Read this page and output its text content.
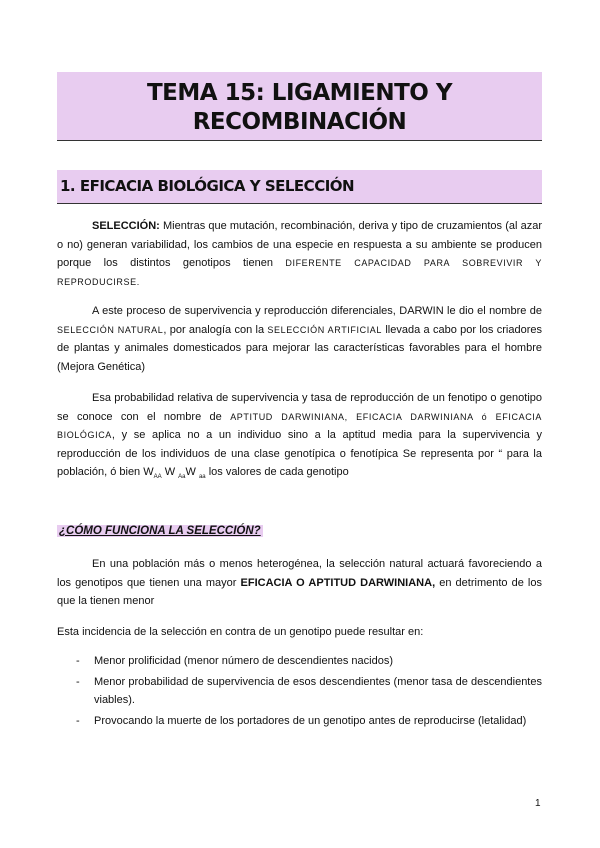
TEMA 15: LIGAMIENTO Y
RECOMBINACIÓN
1. EFICACIA BIOLÓGICA Y SELECCIÓN
SELECCIÓN: Mientras que mutación, recombinación, deriva y tipo de cruzamientos (al azar o no) generan variabilidad, los cambios de una especie en respuesta a su ambiente se producen porque los distintos genotipos tienen DIFERENTE CAPACIDAD PARA SOBREVIVIR Y REPRODUCIRSE.
A este proceso de supervivencia y reproducción diferenciales, DARWIN le dio el nombre de SELECCIÓN NATURAL, por analogía con la SELECCIÓN ARTIFICIAL llevada a cabo por los criadores de plantas y animales domesticados para mejorar las características favorables para el hombre (Mejora Genética)
Esa probabilidad relativa de supervivencia y tasa de reproducción de un fenotipo o genotipo se conoce con el nombre de APTITUD DARWINIANA, EFICACIA DARWINIANA ó EFICACIA BIOLÓGICA, y se aplica no a un individuo sino a la aptitud media para la supervivencia y reproducción de los individuos de una clase genotípica o fenotípica Se representa por “ para la población, ó bien $W_{AA}$ W $_{Aa}$W $_{aa}$ los valores de cada genotipo
¿CÓMO FUNCIONA LA SELECCIÓN?
En una población más o menos heterogénea, la selección natural actuará favoreciendo a los genotipos que tienen una mayor EFICACIA O APTITUD DARWINIANA, en detrimento de los que la tienen menor
Esta incidencia de la selección en contra de un genotipo puede resultar en:
- Menor prolificidad (menor número de descendientes nacidos)
- Menor probabilidad de supervivencia de esos descendientes (menor tasa de descendientes viables).
- Provocando la muerte de los portadores de un genotipo antes de reproducirse (letalidad)
1
